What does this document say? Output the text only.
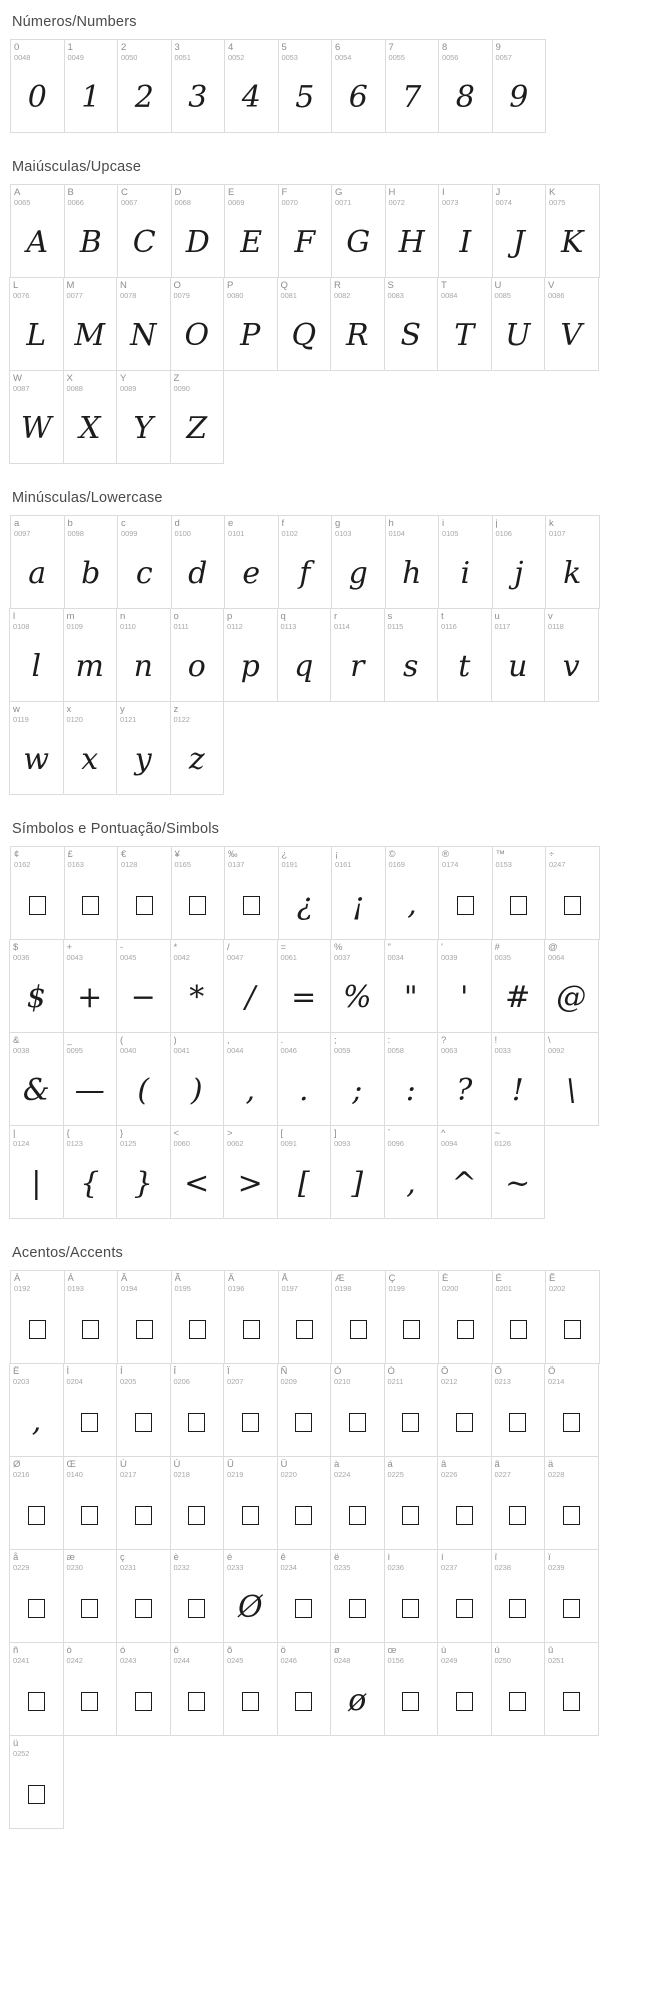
Números/Numbers
0
0048
0
1
0049
1
2
0050
2
3
0051
3
4
0052
4
5
0053
5
6
0054
6
7
0055
7
8
0056
8
9
0057
9
Maiúsculas/Upcase
A
0065
A
B
0066
B
C
0067
C
D
0068
D
E
0069
E
F
0070
F
G
0071
G
H
0072
H
I
0073
I
J
0074
J
K
0075
K
L
0076
L
M
0077
M
N
0078
N
O
0079
O
P
0080
P
Q
0081
Q
R
0082
R
S
0083
S
T
0084
T
U
0085
U
V
0086
V
W
0087
W
X
0088
X
Y
0089
Y
Z
0090
Z
Minúsculas/Lowercase
a
0097
a
b
0098
b
c
0099
c
d
0100
d
e
0101
e
f
0102
f
g
0103
g
h
0104
h
i
0105
i
j
0106
j
k
0107
k
l
0108
l
m
0109
m
n
0110
n
o
0111
o
p
0112
p
q
0113
q
r
0114
r
s
0115
s
t
0116
t
u
0117
u
v
0118
v
w
0119
w
x
0120
x
y
0121
y
z
0122
z
Símbolos e Pontuação/Simbols
¢
0162
£
0163
€
0128
¥
0165
‰
0137
¿
0191
¿
¡
0161
¡
©
0169
‚
®
0174
™
0153
÷
0247
$
0036
$
+
0043
+
-
0045
−
*
0042
*
/
0047
/
=
0061
=
%
0037
%
"
0034
"
'
0039
'
#
0035
#
@
0064
@
&
0038
&
_
0095
—
(
0040
(
)
0041
)
,
0044
,
.
0046
.
;
0059
;
:
0058
:
?
0063
?
!
0033
!
\
0092
\
|
0124
|
{
0123
{
}
0125
}
<
0060
<
>
0062
>
[
0091
[
]
0093
]
`
0096
‚
^
0094
^
~
0126
~
Acentos/Accents
À
0192
Á
0193
Â
0194
Ã
0195
Ä
0196
Å
0197
Æ
0198
Ç
0199
È
0200
É
0201
Ê
0202
Ë
0203
‚
Ì
0204
Í
0205
Î
0206
Ï
0207
Ñ
0209
Ò
0210
Ó
0211
Ô
0212
Õ
0213
Ö
0214
Ø
0216
Œ
0140
Ù
0217
Ú
0218
Û
0219
Ü
0220
à
0224
á
0225
â
0226
ã
0227
ä
0228
å
0229
æ
0230
ç
0231
è
0232
é
0233
Ø
ê
0234
ë
0235
ì
0236
í
0237
î
0238
ï
0239
ñ
0241
ò
0242
ó
0243
ô
0244
õ
0245
ö
0246
ø
0248
ø
œ
0156
ù
0249
ú
0250
û
0251
ü
0252
